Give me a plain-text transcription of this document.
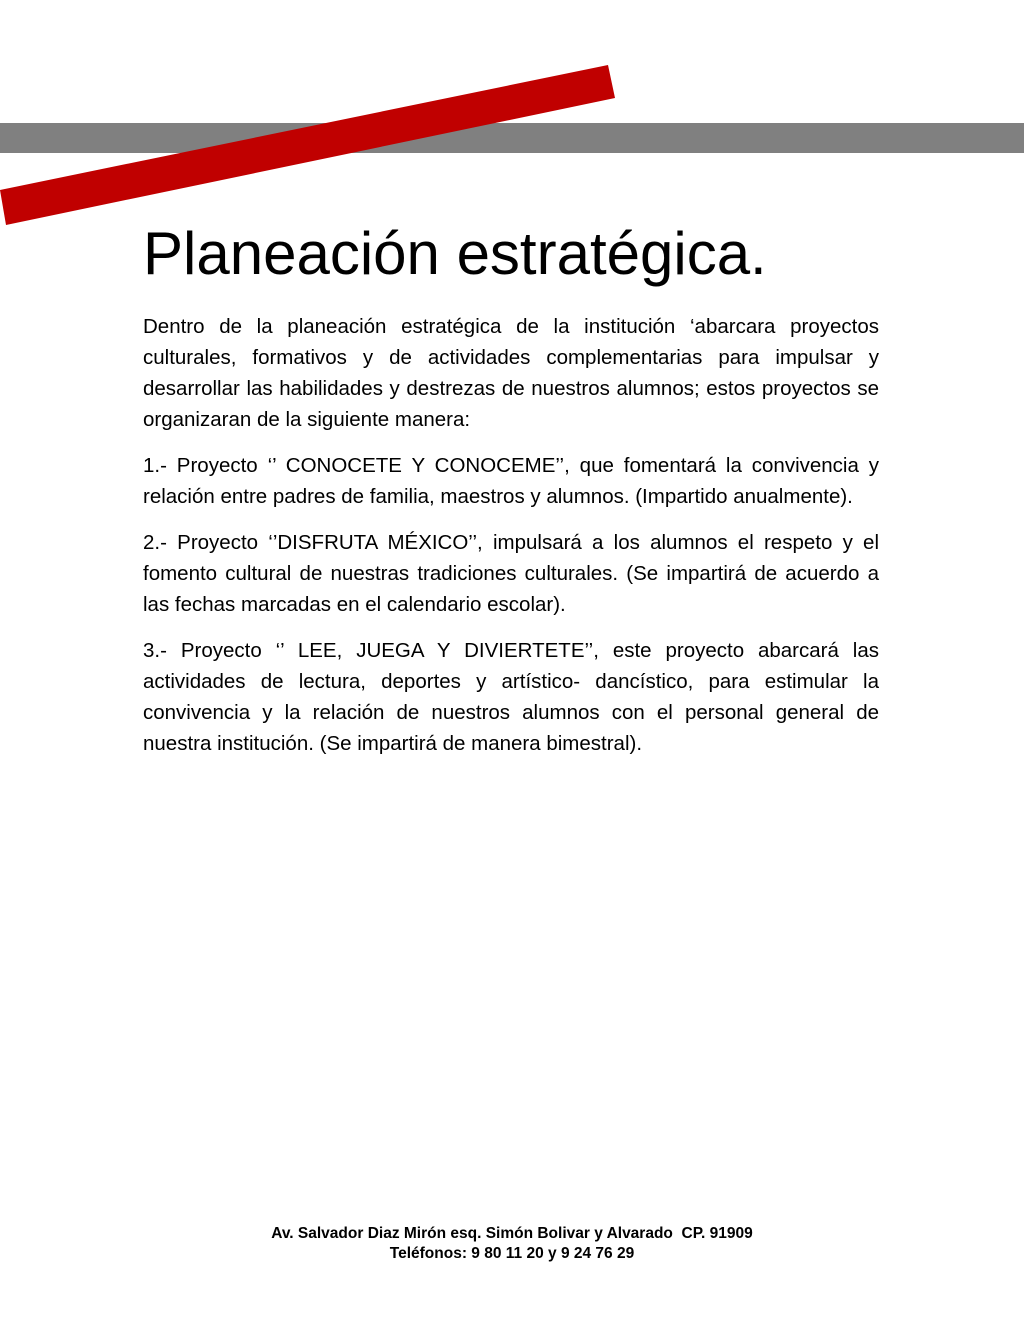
Planeación estratégica.

Dentro de la planeación estratégica de la institución ‘abarcara proyectos culturales, formativos y de actividades complementarias para impulsar y desarrollar las habilidades y destrezas de nuestros alumnos; estos proyectos se organizaran de la siguiente manera:

1.- Proyecto ‘’ CONOCETE Y CONOCEME’’, que fomentará la convivencia y relación entre padres de familia, maestros y alumnos. (Impartido anualmente).

2.- Proyecto ‘’DISFRUTA MÉXICO’’, impulsará a los alumnos el respeto y el fomento cultural de nuestras tradiciones culturales. (Se impartirá de acuerdo a las fechas marcadas en el calendario escolar).

3.- Proyecto ‘’ LEE, JUEGA Y DIVIERTETE’’, este proyecto abarcará las actividades de lectura, deportes y artístico- dancístico, para estimular la convivencia y la relación de nuestros alumnos con el personal general de nuestra institución. (Se impartirá de manera bimestral).

Av. Salvador Diaz Mirón esq. Simón Bolivar y Alvarado  CP. 91909
Teléfonos: 9 80 11 20 y 9 24 76 29
